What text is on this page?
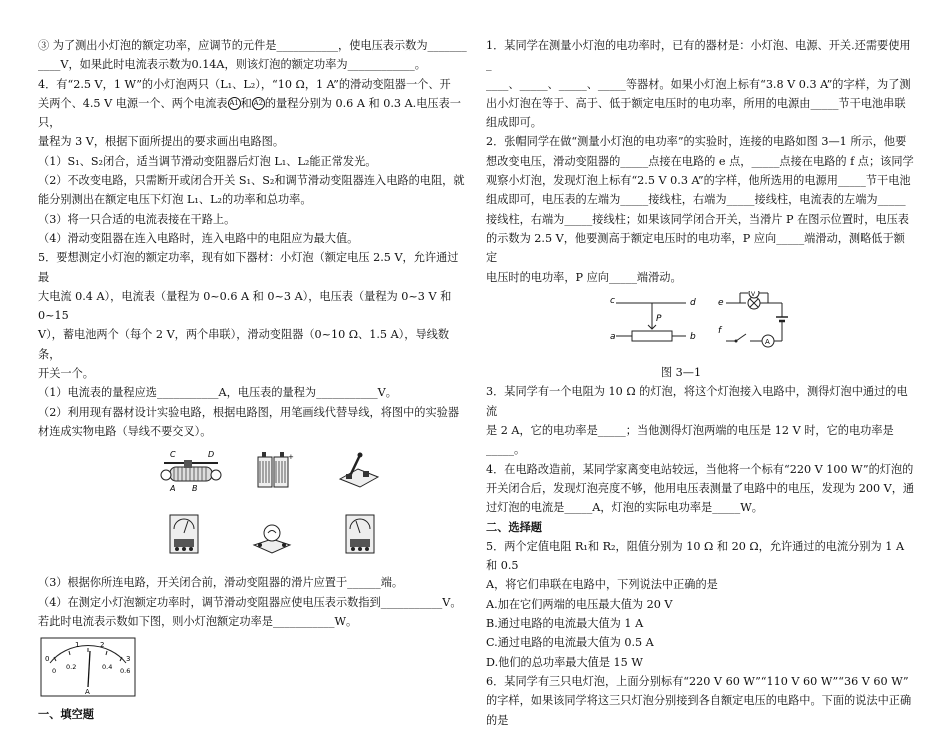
③ 为了测出小灯泡的额定功率，应调节的元件是___________，使电压表示数为_______

____V，如果此时电流表示数为0.14A，则该灯泡的额定功率为____________。

4．有“2.5 V，1 W”的小灯泡两只（L₁、L₂），“10 Ω，1 A”的滑动变阻器一个、开

关两个、4.5 V 电源一个、两个电流表 A1 和 A2 的量程分别为 0.6 A 和 0.3 A.电压表一只，

量程为 3 V，根据下面所提出的要求画出电路图。

（1）S₁、S₂闭合，适当调节滑动变阻器后灯泡 L₁、L₂能正常发光。

（2）不改变电路，只需断开或闭合开关 S₁、S₂和调节滑动变阻器连入电路的电阻，就

能分别测出在额定电压下灯泡 L₁、L₂的功率和总功率。

（3）将一只合适的电流表接在干路上。

（4）滑动变阻器在连入电路时，连入电路中的电阻应为最大值。

5．要想测定小灯泡的额定功率，现有如下器材：小灯泡（额定电压 2.5 V，允许通过最

大电流 0.4 A），电流表（量程为 0~0.6 A 和 0~3 A），电压表（量程为 0~3 V 和 0~15

V），蓄电池两个（每个 2 V，两个串联），滑动变阻器（0~10 Ω、1.5 A），导线数条，

开关一个。

（1）电流表的量程应选___________A，电压表的量程为___________V。

（2）利用现有器材设计实验电路，根据电路图，用笔画线代替导线，将图中的实验器

材连成实物电路（导线不要交叉）。

C	D
A B
+

（3）根据你所连电路，开关闭合前，滑动变阻器的滑片应置于______端。

（4）在测定小灯泡额定功率时，调节滑动变阻器应使电压表示数指到___________V。

若此时电流表示数如下图，则小灯泡额定功率是___________W。

1	2
0	3
0 0.2	0.4 0.6
A

一、填空题

1．某同学在测量小灯泡的电功率时，已有的器材是：小灯泡、电源、开关.还需要使用_

____、_____、_____、_____等器材。如果小灯泡上标有“3.8 V 0.3 A”的字样，为了测

出小灯泡在等于、高于、低于额定电压时的电功率，所用的电源由_____节干电池串联

组成即可。

2．张帽同学在做“测量小灯泡的电功率”的实验时，连接的电路如图 3—1 所示，他要

想改变电压，滑动变阻器的_____点接在电路的 e 点，_____点接在电路的 f 点；该同学

观察小灯泡，发现灯泡上标有“2.5 V 0.3 A”的字样，他所选用的电源用_____节干电池

组成即可，电压表的左端为_____接线柱，右端为_____接线柱，电流表的左端为_____

接线柱，右端为_____接线柱；如果该同学闭合开关，当滑片 P 在图示位置时，电压表

的示数为 2.5 V，他要测高于额定电压时的电功率，P 应向_____端滑动，测略低于额定

电压时的电功率，P 应向_____端滑动。

c	d
P
a	b
e
V
f
A

图 3—1

3．某同学有一个电阻为 10 Ω 的灯泡，将这个灯泡接入电路中，测得灯泡中通过的电流

是 2 A，它的电功率是_____；当他测得灯泡两端的电压是 12 V 时，它的电功率是_____。

4．在电路改造前，某同学家离变电站较远，当他将一个标有“220 V 100 W”的灯泡的

开关闭合后，发现灯泡亮度不够，他用电压表测量了电路中的电压，发现为 200 V，通

过灯泡的电流是_____A，灯泡的实际电功率是_____W。

二、选择题

5．两个定值电阻 R₁和 R₂，阻值分别为 10 Ω 和 20 Ω，允许通过的电流分别为 1 A 和 0.5

A，将它们串联在电路中，下列说法中正确的是

A.加在它们两端的电压最大值为 20 V

B.通过电路的电流最大值为 1 A

C.通过电路的电流最大值为 0.5 A

D.他们的总功率最大值是 15 W

6．某同学有三只电灯泡，上面分别标有“220 V 60 W”“110 V 60 W”“36 V 60 W”

的字样，如果该同学将这三只灯泡分别接到各自额定电压的电路中。下面的说法中正确

的是
